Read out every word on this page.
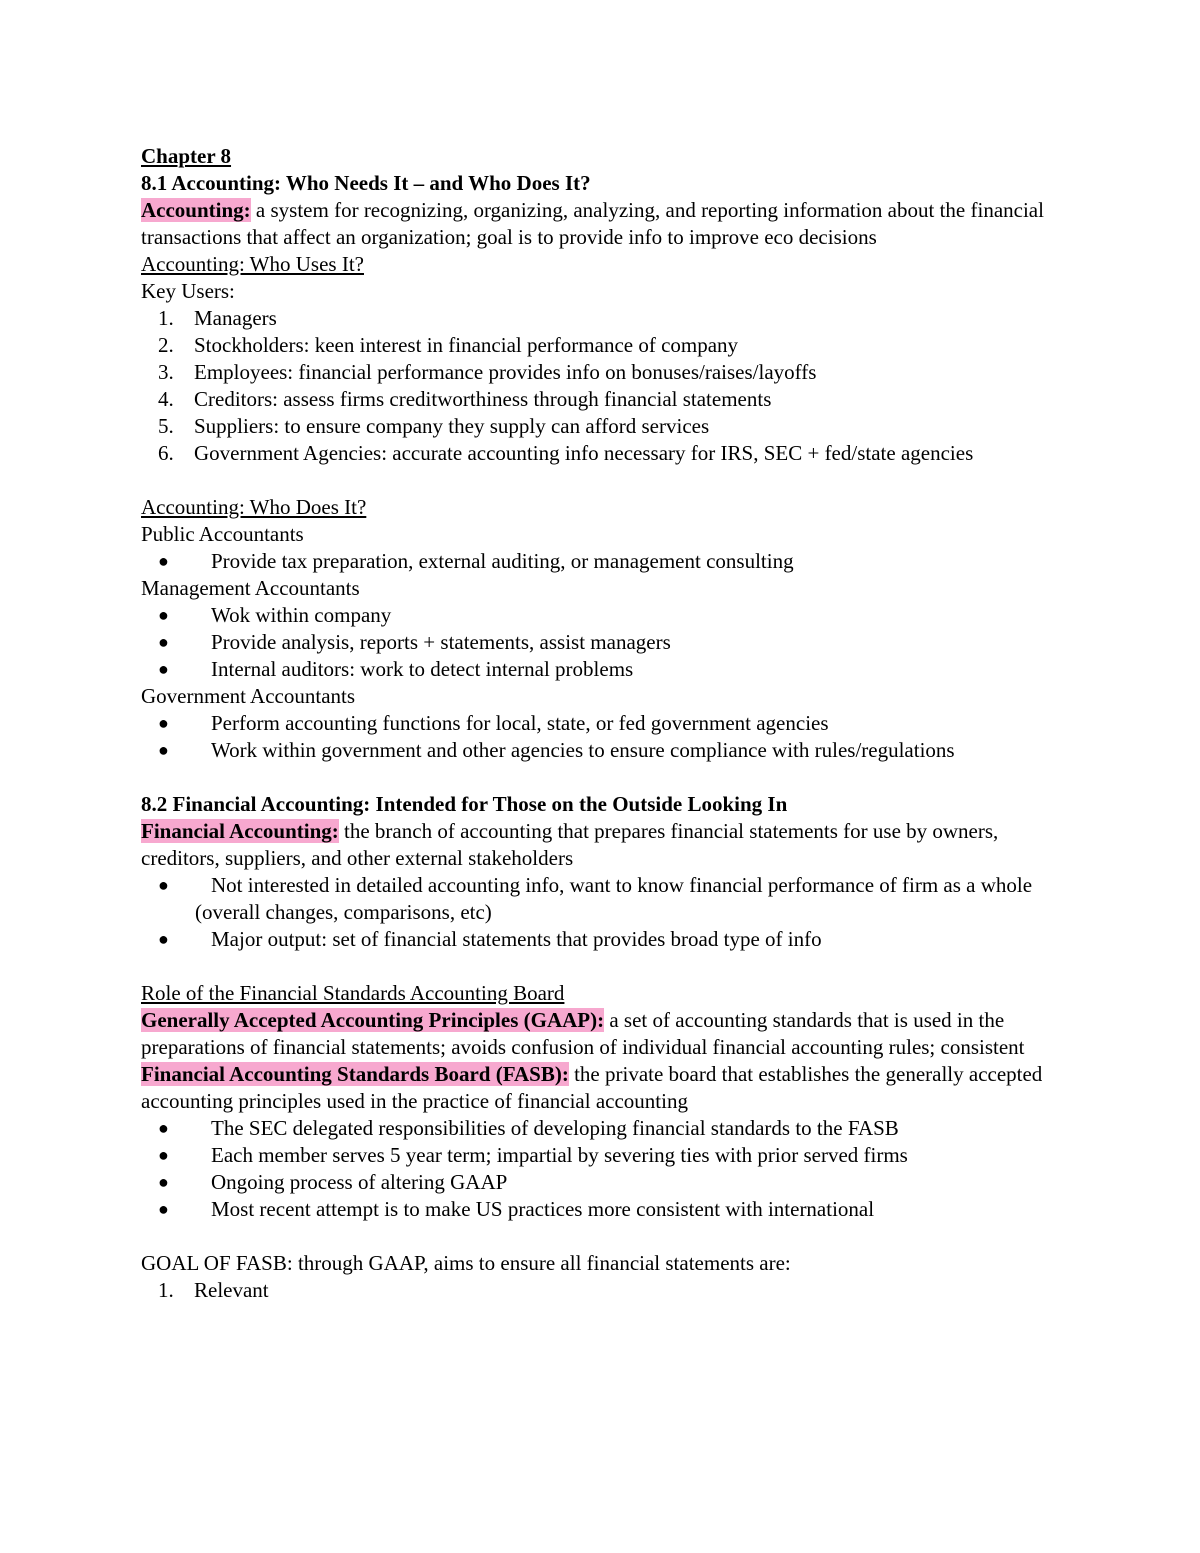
Chapter 8

8.1 Accounting: Who Needs It – and Who Does It?

Accounting: a system for recognizing, organizing, analyzing, and reporting information about the financial transactions that affect an organization; goal is to provide info to improve eco decisions

Accounting: Who Uses It?

Key Users:

1. Managers
2. Stockholders: keen interest in financial performance of company
3. Employees: financial performance provides info on bonuses/raises/layoffs
4. Creditors: assess firms creditworthiness through financial statements
5. Suppliers: to ensure company they supply can afford services
6. Government Agencies: accurate accounting info necessary for IRS, SEC + fed/state agencies

Accounting: Who Does It?

Public Accountants

● Provide tax preparation, external auditing, or management consulting

Management Accountants

● Wok within company
● Provide analysis, reports + statements, assist managers
● Internal auditors: work to detect internal problems

Government Accountants

● Perform accounting functions for local, state, or fed government agencies
● Work within government and other agencies to ensure compliance with rules/regulations

8.2 Financial Accounting: Intended for Those on the Outside Looking In

Financial Accounting: the branch of accounting that prepares financial statements for use by owners, creditors, suppliers, and other external stakeholders

●	Not interested in detailed accounting info, want to know financial performance of firm as a whole (overall changes, comparisons, etc)
● Major output: set of financial statements that provides broad type of info

Role of the Financial Standards Accounting Board

Generally Accepted Accounting Principles (GAAP): a set of accounting standards that is used in the preparations of financial statements; avoids confusion of individual financial accounting rules; consistent

Financial Accounting Standards Board (FASB): the private board that establishes the generally accepted accounting principles used in the practice of financial accounting

● The SEC delegated responsibilities of developing financial standards to the FASB
● Each member serves 5 year term; impartial by severing ties with prior served firms
● Ongoing process of altering GAAP
● Most recent attempt is to make US practices more consistent with international

GOAL OF FASB: through GAAP, aims to ensure all financial statements are:

1. Relevant
